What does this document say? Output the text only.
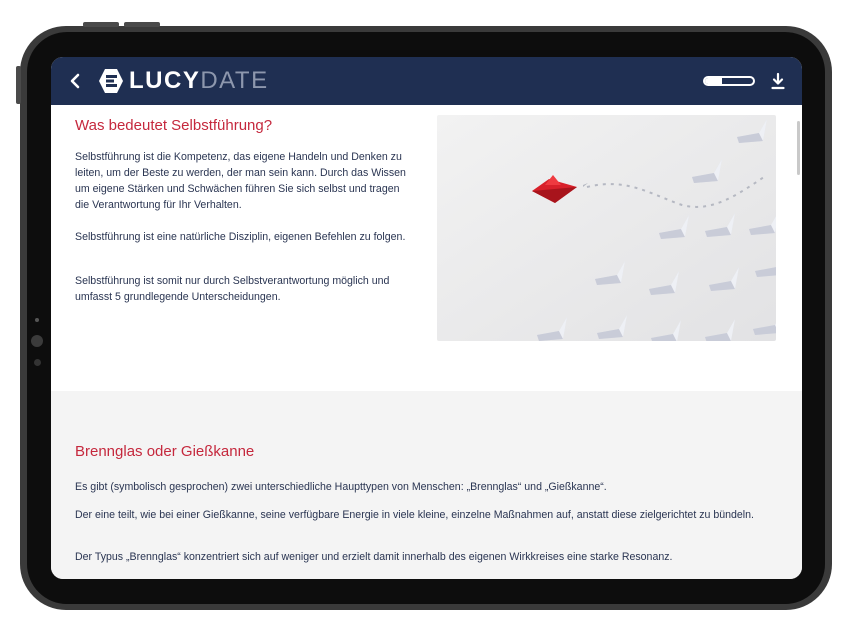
LUCYDATE
Was bedeutet Selbstführung?

Selbstführung ist die Kompetenz, das eigene Handeln und Denken zu leiten, um der Beste zu werden, der man sein kann. Durch das Wissen um eigene Stärken und Schwächen führen Sie sich selbst und tragen die Verantwortung für Ihr Verhalten.

Selbstführung ist eine natürliche Disziplin, eigenen Befehlen zu folgen.

Selbstführung ist somit nur durch Selbstverantwortung möglich und umfasst 5 grundlegende Unterscheidungen.

Brennglas oder Gießkanne

Es gibt (symbolisch gesprochen) zwei unterschiedliche Haupttypen von Menschen: „Brennglas“ und „Gießkanne“.

Der eine teilt, wie bei einer Gießkanne, seine verfügbare Energie in viele kleine, einzelne Maßnahmen auf, anstatt diese zielgerichtet zu bündeln.

Der Typus „Brennglas“ konzentriert sich auf weniger und erzielt damit innerhalb des eigenen Wirkkreises eine starke Resonanz.
